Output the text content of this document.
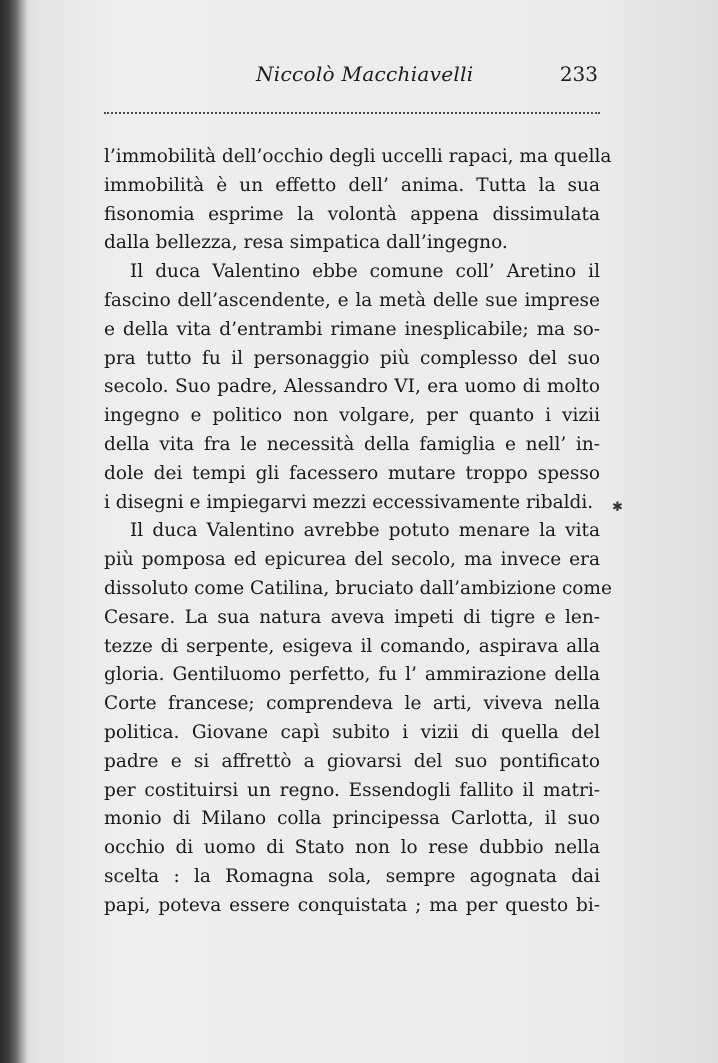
Niccolò Macchiavelli	233
l’immobilità dell’occhio degli uccelli rapaci, ma quella
immobilità è un effetto dell’ anima. Tutta la sua
fisonomia esprime la volontà appena dissimulata
dalla bellezza, resa simpatica dall’ingegno.
Il duca Valentino ebbe comune coll’ Aretino il
fascino dell’ascendente, e la metà delle sue imprese
e della vita d’entrambi rimane inesplicabile; ma so-
pra tutto fu il personaggio più complesso del suo
secolo. Suo padre, Alessandro VI, era uomo di molto
ingegno e politico non volgare, per quanto i vizii
della vita fra le necessità della famiglia e nell’ in-
dole dei tempi gli facessero mutare troppo spesso
i disegni e impiegarvi mezzi eccessivamente ribaldi.
Il duca Valentino avrebbe potuto menare la vita
più pomposa ed epicurea del secolo, ma invece era
dissoluto come Catilina, bruciato dall’ambizione come
Cesare. La sua natura aveva impeti di tigre e len-
tezze di serpente, esigeva il comando, aspirava alla
gloria. Gentiluomo perfetto, fu l’ ammirazione della
Corte francese; comprendeva le arti, viveva nella
politica. Giovane capì subito i vizii di quella del
padre e si affrettò a giovarsi del suo pontificato
per costituirsi un regno. Essendogli fallito il matri-
monio di Milano colla principessa Carlotta, il suo
occhio di uomo di Stato non lo rese dubbio nella
scelta : la Romagna sola, sempre agognata dai
papi, poteva essere conquistata ; ma per questo bi-
✱
